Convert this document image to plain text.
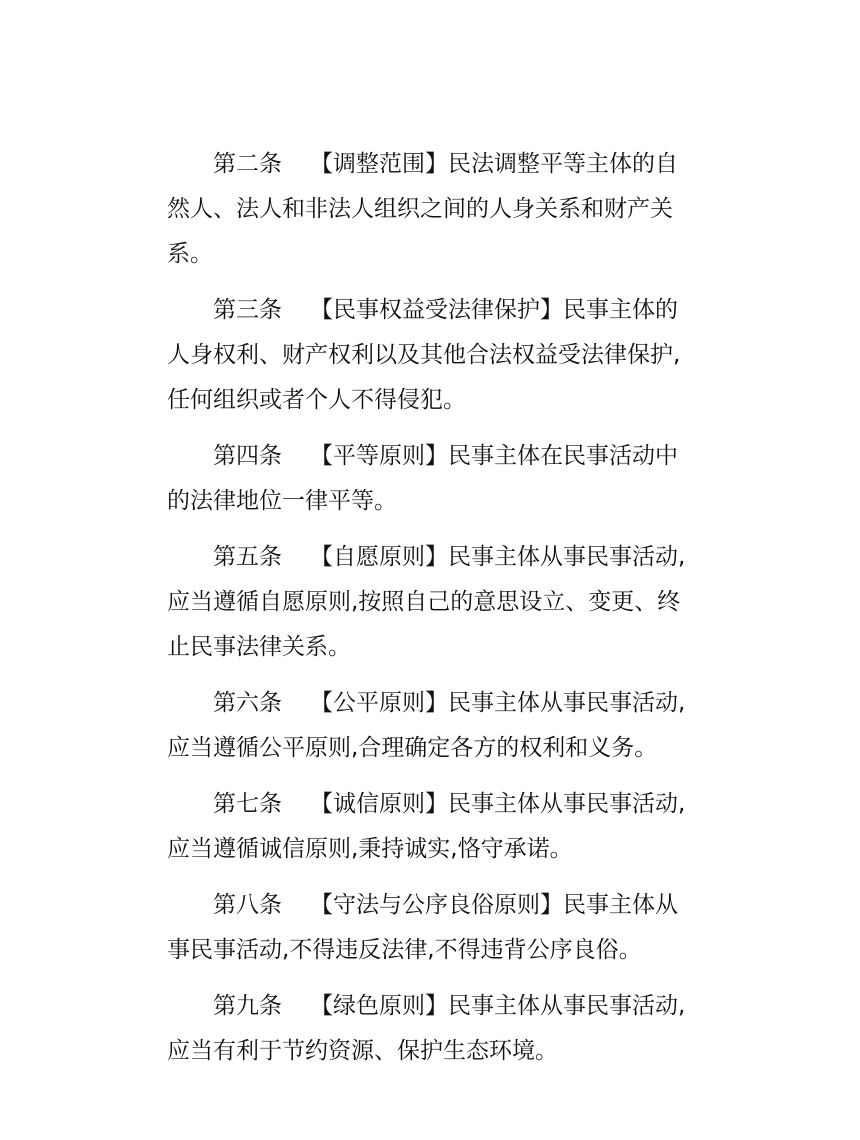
第二条 【调整范围】民法调整平等主体的自然人、法人和非法人组织之间的人身关系和财产关系。

第三条 【民事权益受法律保护】民事主体的人身权利、财产权利以及其他合法权益受法律保护,任何组织或者个人不得侵犯。

第四条 【平等原则】民事主体在民事活动中的法律地位一律平等。

第五条 【自愿原则】民事主体从事民事活动,应当遵循自愿原则,按照自己的意思设立、变更、终止民事法律关系。

第六条 【公平原则】民事主体从事民事活动,应当遵循公平原则,合理确定各方的权利和义务。

第七条 【诚信原则】民事主体从事民事活动,应当遵循诚信原则,秉持诚实,恪守承诺。

第八条 【守法与公序良俗原则】民事主体从事民事活动,不得违反法律,不得违背公序良俗。

第九条 【绿色原则】民事主体从事民事活动,应当有利于节约资源、保护生态环境。
